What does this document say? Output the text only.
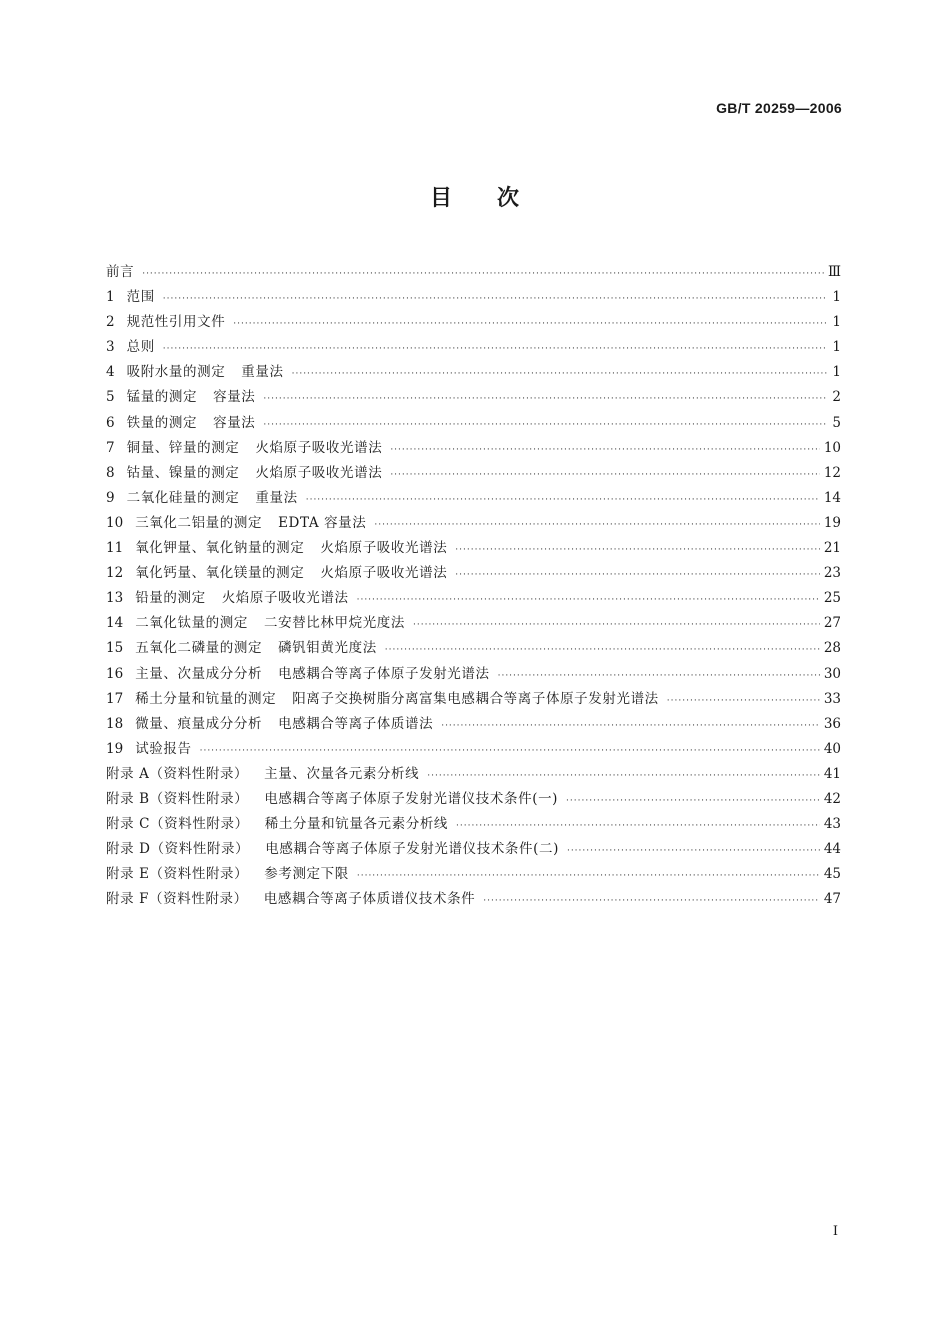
GB/T 20259—2006
目 次
前言 ·····	Ⅲ
1 范围 ·····	1
2 规范性引用文件 ·····	1
3 总则 ·····	1
4 吸附水量的测定 重量法 ·····	1
5 锰量的测定 容量法 ·····	2
6 铁量的测定 容量法 ·····	5
7 铜量、锌量的测定 火焰原子吸收光谱法 ·····	10
8 钴量、镍量的测定 火焰原子吸收光谱法 ·····	12
9 二氧化硅量的测定 重量法 ·····	14
10 三氧化二铝量的测定 EDTA 容量法 ·····	19
11 氧化钾量、氧化钠量的测定 火焰原子吸收光谱法 ·····	21
12 氧化钙量、氧化镁量的测定 火焰原子吸收光谱法 ·····	23
13 铅量的测定 火焰原子吸收光谱法 ·····	25
14 二氧化钛量的测定 二安替比林甲烷光度法 ·····	27
15 五氧化二磷量的测定 磷钒钼黄光度法 ·····	28
16 主量、次量成分分析 电感耦合等离子体原子发射光谱法 ·····	30
17 稀土分量和钪量的测定 阳离子交换树脂分离富集电感耦合等离子体原子发射光谱法 ·····	33
18 微量、痕量成分分析 电感耦合等离子体质谱法 ·····	36
19 试验报告 ·····	40
附录 A（资料性附录） 主量、次量各元素分析线 ·····	41
附录 B（资料性附录） 电感耦合等离子体原子发射光谱仪技术条件(一) ·····	42
附录 C（资料性附录） 稀土分量和钪量各元素分析线 ·····	43
附录 D（资料性附录） 电感耦合等离子体原子发射光谱仪技术条件(二) ·····	44
附录 E（资料性附录） 参考测定下限 ·····	45
附录 F（资料性附录） 电感耦合等离子体质谱仪技术条件 ·····	47
I
